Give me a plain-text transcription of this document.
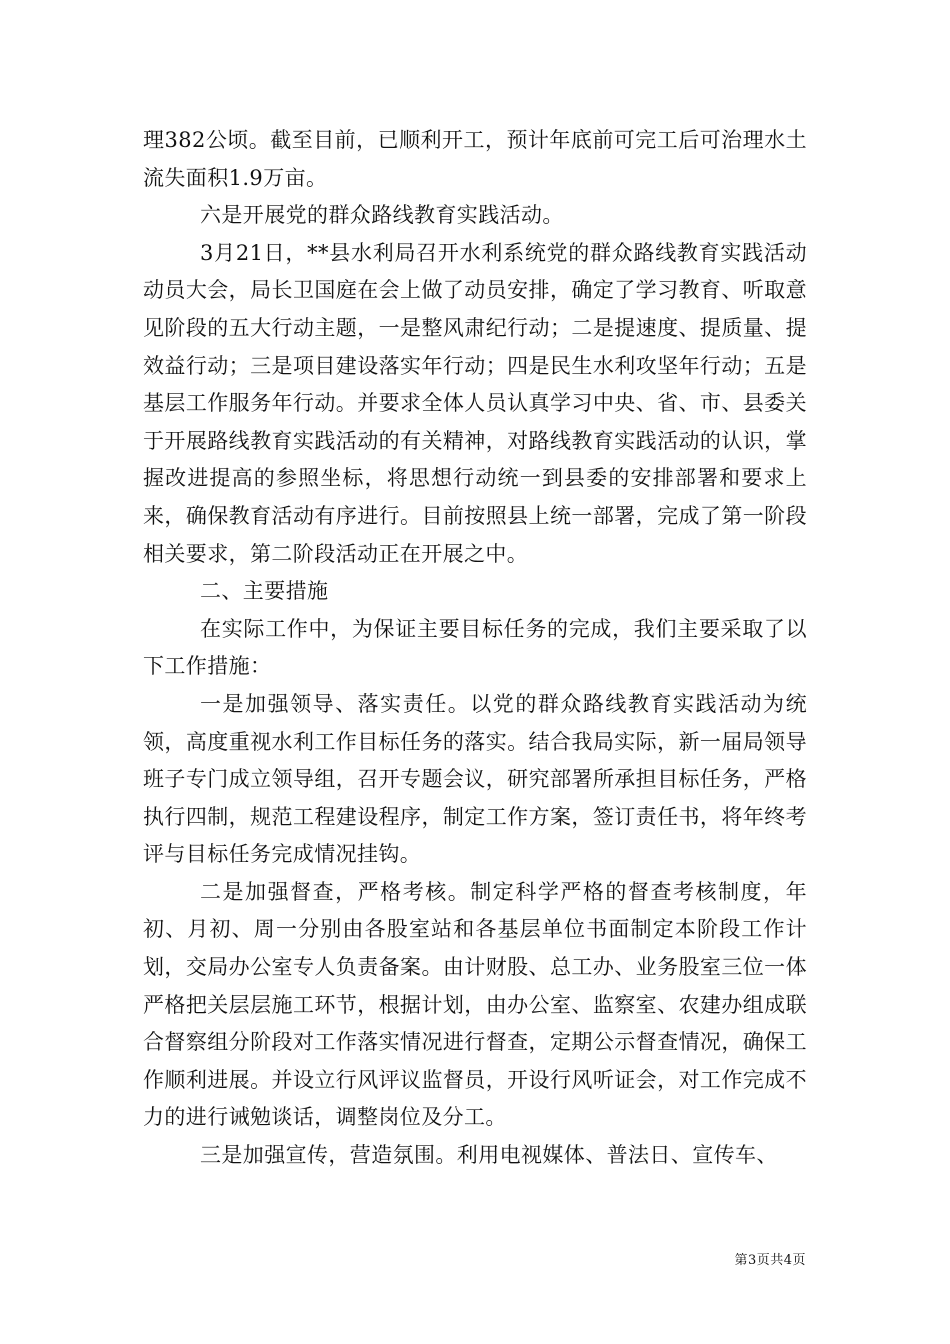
理382公顷。截至目前，已顺利开工，预计年底前可完工后可治理水土流失面积1.9万亩。

六是开展党的群众路线教育实践活动。

3月21日，**县水利局召开水利系统党的群众路线教育实践活动动员大会，局长卫国庭在会上做了动员安排，确定了学习教育、听取意见阶段的五大行动主题，一是整风肃纪行动；二是提速度、提质量、提效益行动；三是项目建设落实年行动；四是民生水利攻坚年行动；五是基层工作服务年行动。并要求全体人员认真学习中央、省、市、县委关于开展路线教育实践活动的有关精神，对路线教育实践活动的认识，掌握改进提高的参照坐标，将思想行动统一到县委的安排部署和要求上来，确保教育活动有序进行。目前按照县上统一部署，完成了第一阶段相关要求，第二阶段活动正在开展之中。

二、主要措施

在实际工作中，为保证主要目标任务的完成，我们主要采取了以下工作措施：

一是加强领导、落实责任。以党的群众路线教育实践活动为统领，高度重视水利工作目标任务的落实。结合我局实际，新一届局领导班子专门成立领导组，召开专题会议，研究部署所承担目标任务，严格执行四制，规范工程建设程序，制定工作方案，签订责任书，将年终考评与目标任务完成情况挂钩。

二是加强督查，严格考核。制定科学严格的督查考核制度，年初、月初、周一分别由各股室站和各基层单位书面制定本阶段工作计划，交局办公室专人负责备案。由计财股、总工办、业务股室三位一体严格把关层层施工环节，根据计划，由办公室、监察室、农建办组成联合督察组分阶段对工作落实情况进行督查，定期公示督查情况，确保工作顺利进展。并设立行风评议监督员，开设行风听证会，对工作完成不力的进行诫勉谈话，调整岗位及分工。

三是加强宣传，营造氛围。利用电视媒体、普法日、宣传车、

第3页共4页
